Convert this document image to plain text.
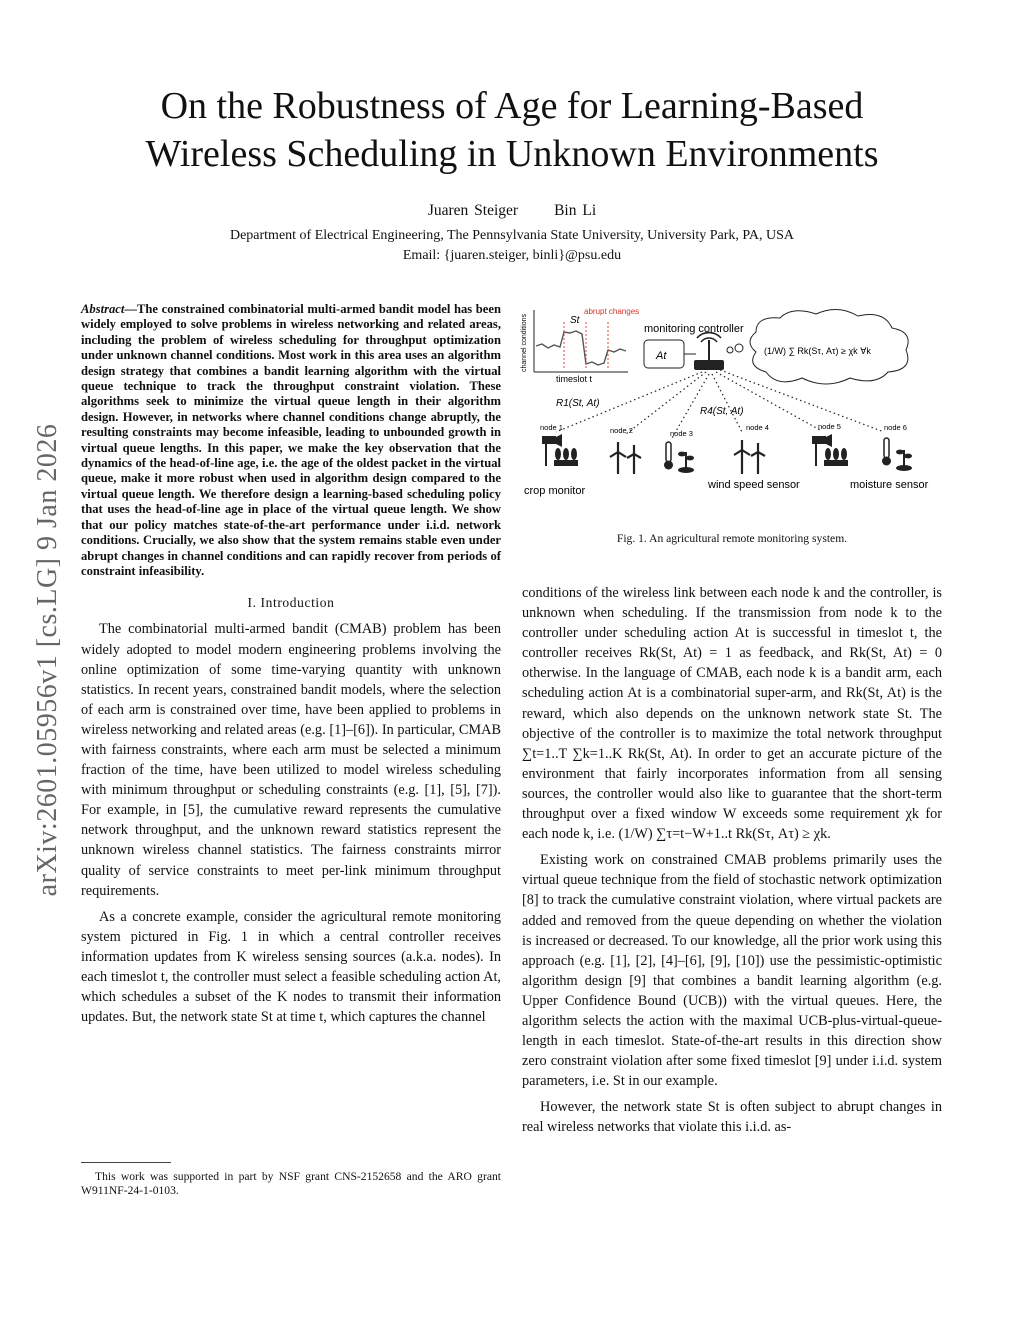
arXiv:2601.05956v1 [cs.LG] 9 Jan 2026
On the Robustness of Age for Learning-Based
Wireless Scheduling in Unknown Environments
Juaren Steiger Bin Li
Department of Electrical Engineering, The Pennsylvania State University, University Park, PA, USA
Email: {juaren.steiger, binli}@psu.edu

Abstract—The constrained combinatorial multi-armed bandit model has been widely employed to solve problems in wireless networking and related areas, including the problem of wireless scheduling for throughput optimization under unknown channel conditions. Most work in this area uses an algorithm design strategy that combines a bandit learning algorithm with the virtual queue technique to track the throughput constraint violation. These algorithms seek to minimize the virtual queue length in their algorithm design. However, in networks where channel conditions change abruptly, the resulting constraints may become infeasible, leading to unbounded growth in virtual queue lengths. In this paper, we make the key observation that the dynamics of the head-of-line age, i.e. the age of the oldest packet in the virtual queue, make it more robust when used in algorithm design compared to the virtual queue length. We therefore design a learning-based scheduling policy that uses the head-of-line age in place of the virtual queue length. We show that our policy matches state-of-the-art performance under i.i.d. network conditions. Crucially, we also show that the system remains stable even under abrupt changes in channel conditions and can rapidly recover from periods of constraint infeasibility.

I. Introduction

The combinatorial multi-armed bandit (CMAB) problem has been widely adopted to model modern engineering problems involving the online optimization of some time-varying quantity with unknown statistics. In recent years, constrained bandit models, where the selection of each arm is constrained over time, have been applied to problems in wireless networking and related areas (e.g. [1]–[6]). In particular, CMAB with fairness constraints, where each arm must be selected a minimum fraction of the time, have been utilized to model wireless scheduling with minimum throughput or scheduling constraints (e.g. [1], [5], [7]). For example, in [5], the cumulative reward represents the cumulative network throughput, and the unknown reward statistics represent the unknown wireless channel statistics. The fairness constraints mirror quality of service constraints to meet per-link minimum throughput requirements.

As a concrete example, consider the agricultural remote monitoring system pictured in Fig. 1 in which a central controller receives information updates from K wireless sensing sources (a.k.a. nodes). In each timeslot t, the controller must select a feasible scheduling action At, which schedules a subset of the K nodes to transmit their information updates. But, the network state St at time t, which captures the channel

This work was supported in part by NSF grant CNS-2152658 and the ARO grant W911NF-24-1-0103.
channel conditions
timeslot t
abrupt changes
St
monitoring controller
At	(1/W) ∑ Rk(Sτ, Aτ) ≥ χk ∀k
R1(St, At)
R4(St, At)
node 1	node 2	node 3
node 4	node 5	node 6
crop monitor	wind speed sensor	moisture sensor
Fig. 1. An agricultural remote monitoring system.

conditions of the wireless link between each node k and the controller, is unknown when scheduling. If the transmission from node k to the controller under scheduling action At is successful in timeslot t, the controller receives Rk(St, At) = 1 as feedback, and Rk(St, At) = 0 otherwise. In the language of CMAB, each node k is a bandit arm, each scheduling action At is a combinatorial super-arm, and Rk(St, At) is the reward, which also depends on the unknown network state St. The objective of the controller is to maximize the total network throughput ∑t=1..T ∑k=1..K Rk(St, At). In order to get an accurate picture of the environment that fairly incorporates information from all sensing sources, the controller would also like to guarantee that the short-term throughput over a fixed window W exceeds some requirement χk for each node k, i.e. (1/W) ∑τ=t−W+1..t Rk(Sτ, Aτ) ≥ χk.

Existing work on constrained CMAB problems primarily uses the virtual queue technique from the field of stochastic network optimization [8] to track the cumulative constraint violation, where virtual packets are added and removed from the queue depending on whether the violation is increased or decreased. To our knowledge, all the prior work using this approach (e.g. [1], [2], [4]–[6], [9], [10]) use the pessimistic-optimistic algorithm design [9] that combines a bandit learning algorithm (e.g. Upper Confidence Bound (UCB)) with the virtual queues. Here, the algorithm selects the action with the maximal UCB-plus-virtual-queue-length in each timeslot. State-of-the-art results in this direction show zero constraint violation after some fixed timeslot [9] under i.i.d. system parameters, i.e. St in our example.

However, the network state St is often subject to abrupt changes in real wireless networks that violate this i.i.d. as-
